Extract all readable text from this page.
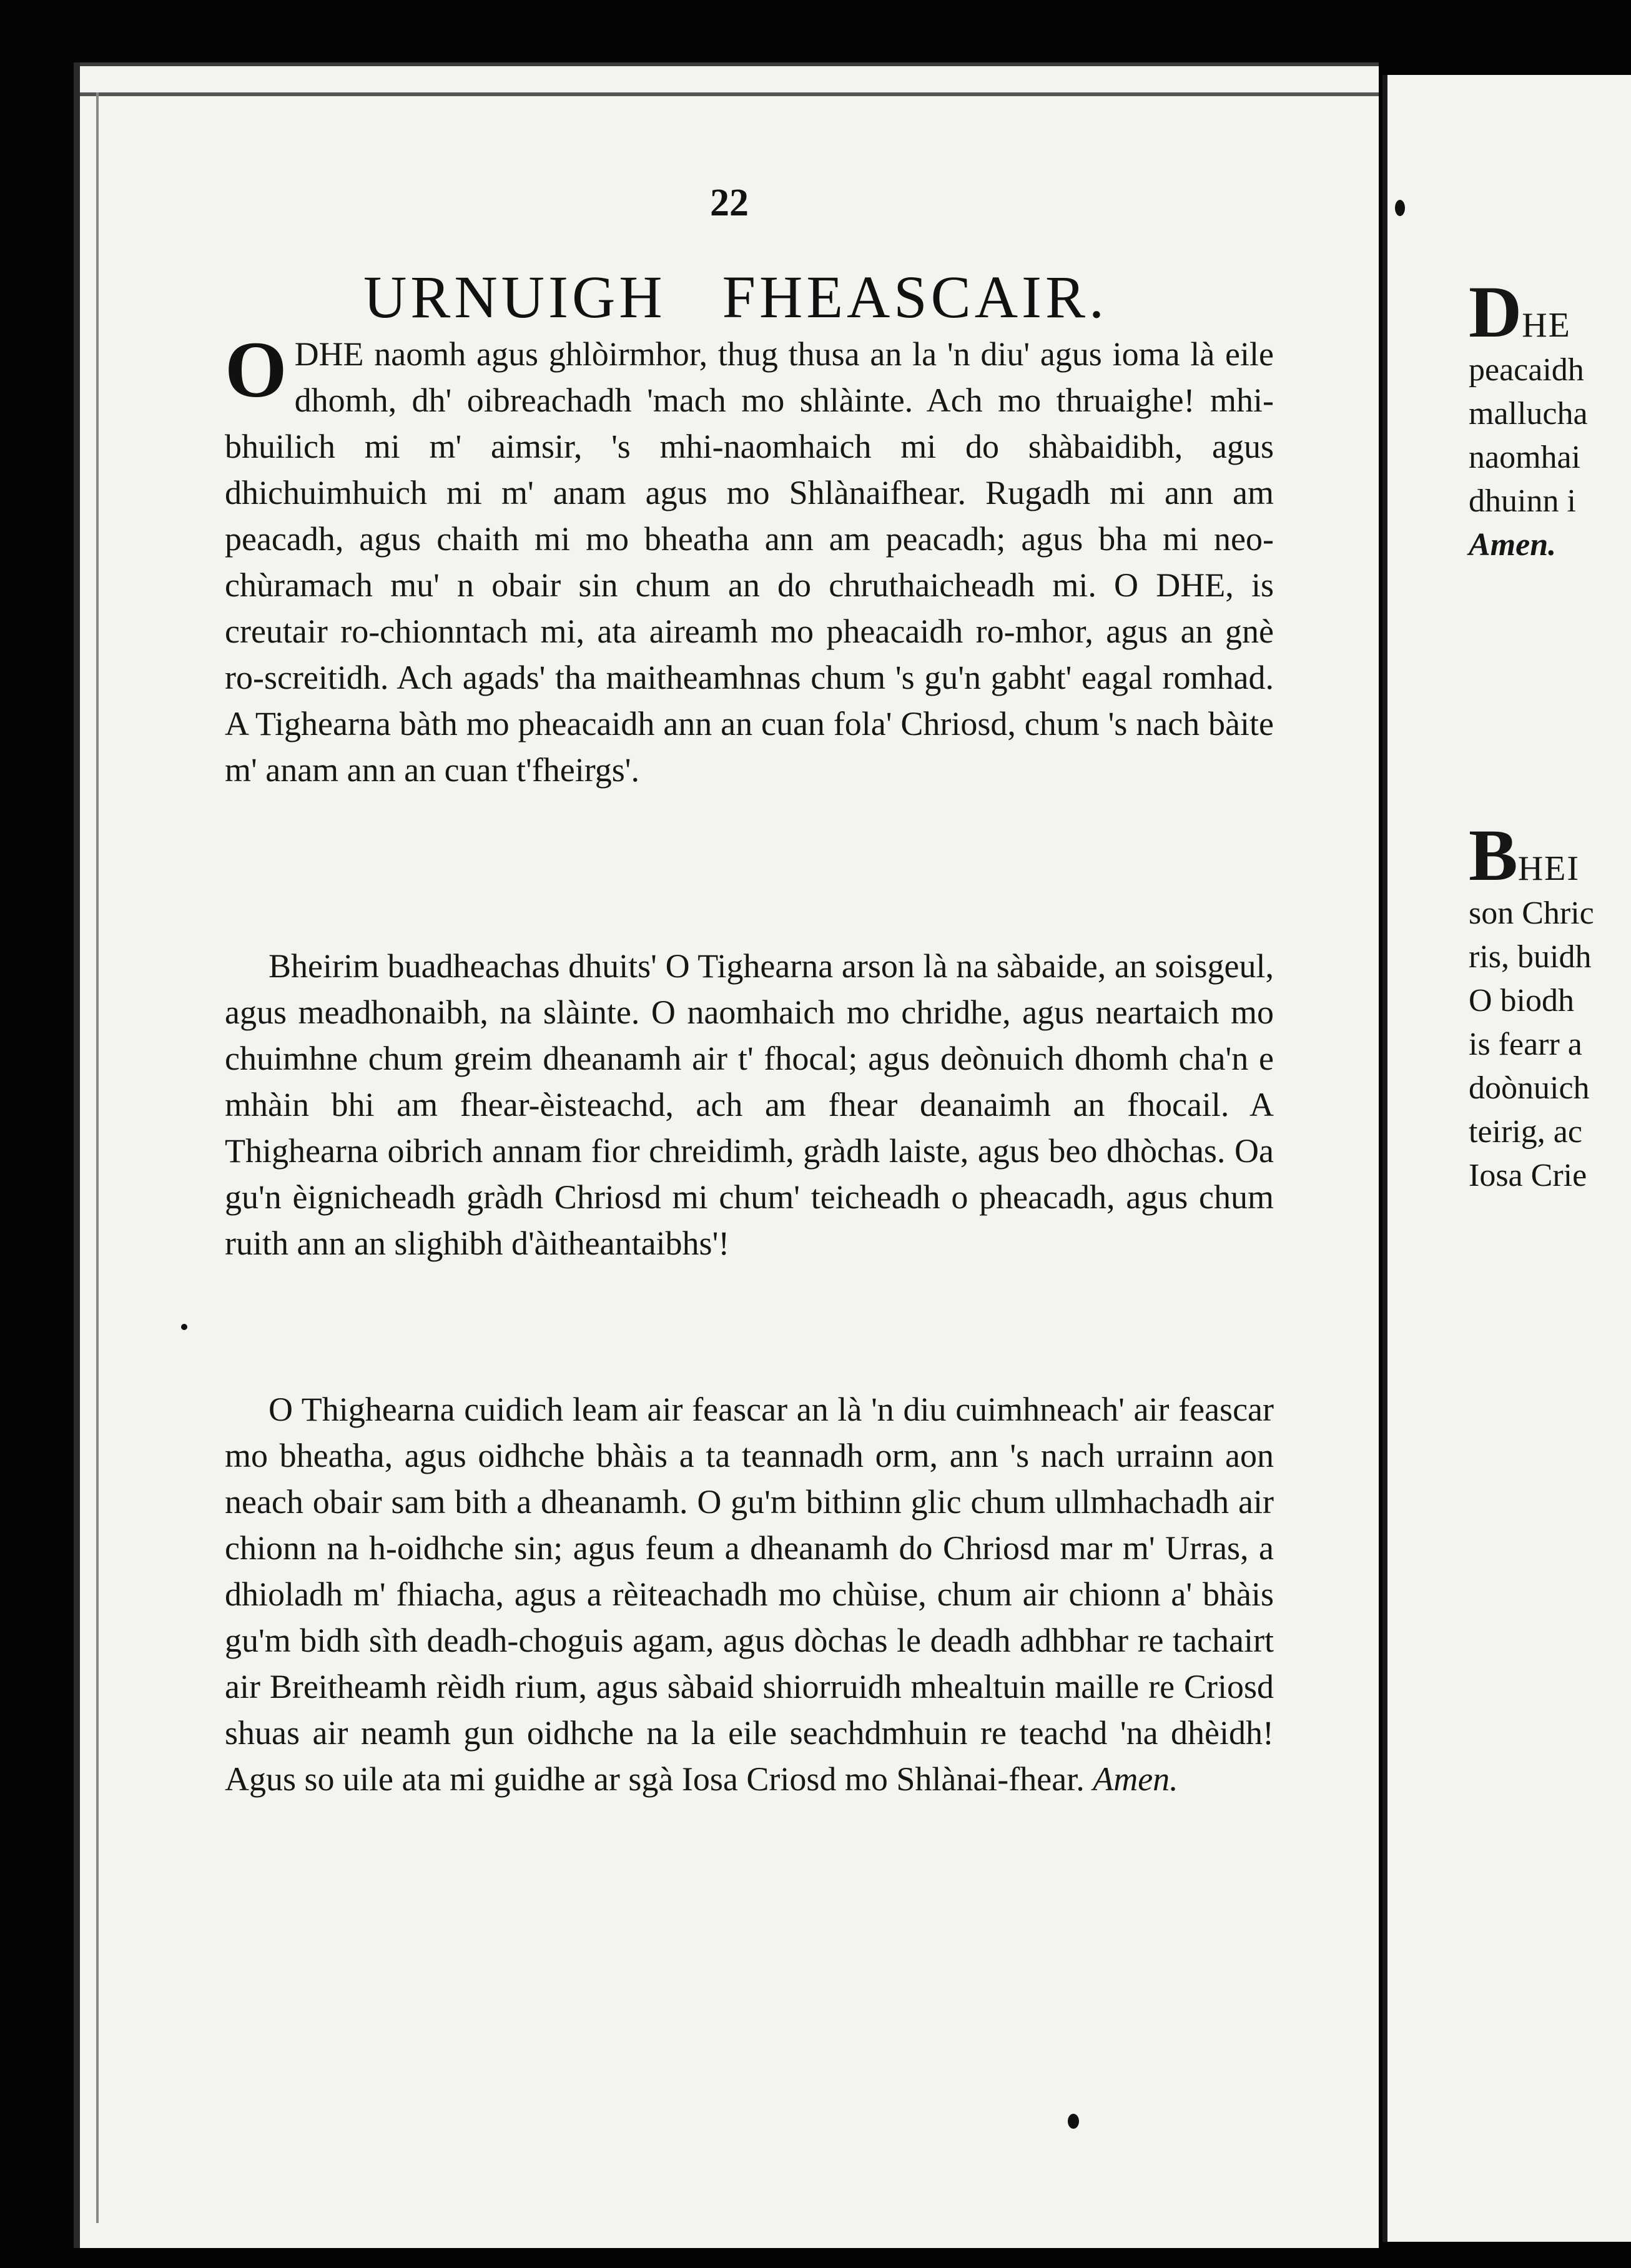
22
URNUIGH FHEASCAIR.

ODHE naomh agus ghlòirmhor, thug thusa an la 'n diu' agus ioma là eile dhomh, dh' oibreachadh 'mach mo shlàinte. Ach mo thruaighe! mhi-bhuilich mi m' aimsir, 's mhi-naomhaich mi do shàbaidibh, agus dhichuimhuich mi m' anam agus mo Shlànaifhear. Rugadh mi ann am peacadh, agus chaith mi mo bheatha ann am peacadh; agus bha mi neo-chùramach mu' n obair sin chum an do chruthaicheadh mi. O DHE, is creutair ro-chionntach mi, ata aireamh mo pheacaidh ro-mhor, agus an gnè ro-screitidh. Ach agads' tha maitheamhnas chum 's gu'n gabht' eagal romhad. A Tighearna bàth mo pheacaidh ann an cuan fola' Chriosd, chum 's nach bàite m' anam ann an cuan t'fheirgs'.

Bheirim buadheachas dhuits' O Tighearna arson là na sàbaide, an soisgeul, agus meadhonaibh, na slàinte. O naomhaich mo chridhe, agus neartaich mo chuimhne chum greim dheanamh air t' fhocal; agus deònuich dhomh cha'n e mhàin bhi am fhear-èisteachd, ach am fhear deanaimh an fhocail. A Thighearna oibrich annam fior chreidimh, gràdh laiste, agus beo dhòchas. Oa gu'n èignicheadh gràdh Chriosd mi chum' teicheadh o pheacadh, agus chum ruith ann an slighibh d'àitheantaibhs'!

O Thighearna cuidich leam air feascar an là 'n diu cuimhneach' air feascar mo bheatha, agus oidhche bhàis a ta teannadh orm, ann 's nach urrainn aon neach obair sam bith a dheanamh. O gu'm bithinn glic chum ullmhachadh air chionn na h-oidhche sin; agus feum a dheanamh do Chriosd mar m' Urras, a dhioladh m' fhiacha, agus a rèiteachadh mo chùise, chum air chionn a' bhàis gu'm bidh sìth deadh-choguis agam, agus dòchas le deadh adhbhar re tachairt air Breitheamh rèidh rium, agus sàbaid shiorruidh mhealtuin maille re Criosd shuas air neamh gun oidhche na la eile seachdmhuin re teachd 'na dhèidh! Agus so uile ata mi guidhe ar sgà Iosa Criosd mo Shlànai-fhear. Amen.

DHE
peacaidh
mallucha
naomhai
dhuinn i
Amen.
BHEI
son Chric
ris, buidh
O biodh
is fearr a
doònuich
teirig, ac
Iosa Crie
